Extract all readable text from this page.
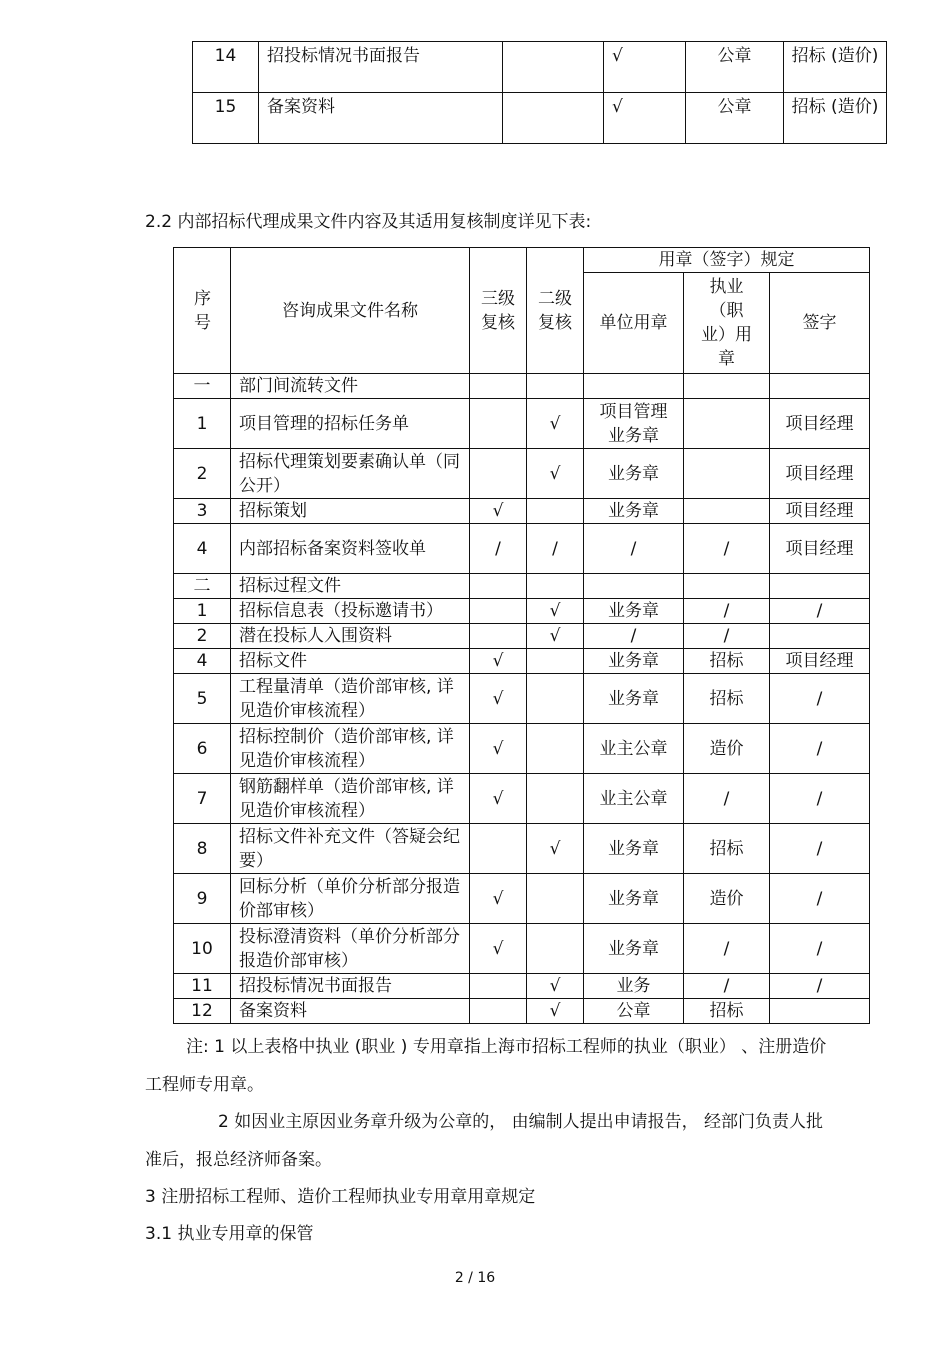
14	招投标情况书面报告		√	公章	招标 (造价)
15	备案资料		√	公章	招标 (造价)
2.2 内部招标代理成果文件内容及其适用复核制度详见下表:
序号	咨询成果文件名称	三级复核	二级复核	用章（签字）规定		
				单位用章	执业（职业）用章	签字
一	部门间流转文件					
1	项目管理的招标任务单		√	项目管理业务章		项目经理
2	招标代理策划要素确认单（同公开）		√	业务章		项目经理
3	招标策划	√		业务章		项目经理
4	内部招标备案资料签收单	/	/	/	/	项目经理
二	招标过程文件					
1	招标信息表（投标邀请书）		√	业务章	/	/
2	潜在投标人入围资料		√	/	/	
4	招标文件	√		业务章	招标	项目经理
5	工程量清单（造价部审核, 详见造价审核流程）	√		业务章	招标	/
6	招标控制价（造价部审核, 详见造价审核流程）	√		业主公章	造价	/
7	钢筋翻样单（造价部审核, 详见造价审核流程）	√		业主公章	/	/
8	招标文件补充文件（答疑会纪要）		√	业务章	招标	/
9	回标分析（单价分析部分报造价部审核）	√		业务章	造价	/
10	投标澄清资料（单价分析部分报造价部审核）	√		业务章	/	/
11	招投标情况书面报告		√	业务	/	/
12	备案资料		√	公章	招标	
注: 1 以上表格中执业 (职业 ) 专用章指上海市招标工程师的执业（职业） 、注册造价
工程师专用章。
2 如因业主原因业务章升级为公章的， 由编制人提出申请报告， 经部门负责人批
准后，报总经济师备案。
3 注册招标工程师、造价工程师执业专用章用章规定
3.1 执业专用章的保管
2 / 16
